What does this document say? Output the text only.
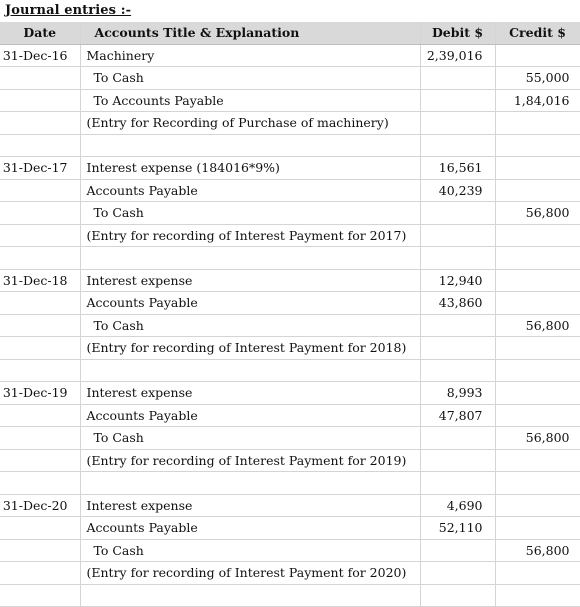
Journal entries :-
Date	Accounts Title & Explanation	Debit $	Credit $
31-Dec-16	Machinery	2,39,016	
	To Cash		55,000
	To Accounts Payable		1,84,016
	(Entry for Recording of Purchase of machinery)		

31-Dec-17	Interest expense (184016*9%)	16,561	
	Accounts Payable	40,239	
	To Cash		56,800
	(Entry for recording of Interest Payment for 2017)		

31-Dec-18	Interest expense	12,940	
	Accounts Payable	43,860	
	To Cash		56,800
	(Entry for recording of Interest Payment for 2018)		

31-Dec-19	Interest expense	8,993	
	Accounts Payable	47,807	
	To Cash		56,800
	(Entry for recording of Interest Payment for 2019)		

31-Dec-20	Interest expense	4,690	
	Accounts Payable	52,110	
	To Cash		56,800
	(Entry for recording of Interest Payment for 2020)		
